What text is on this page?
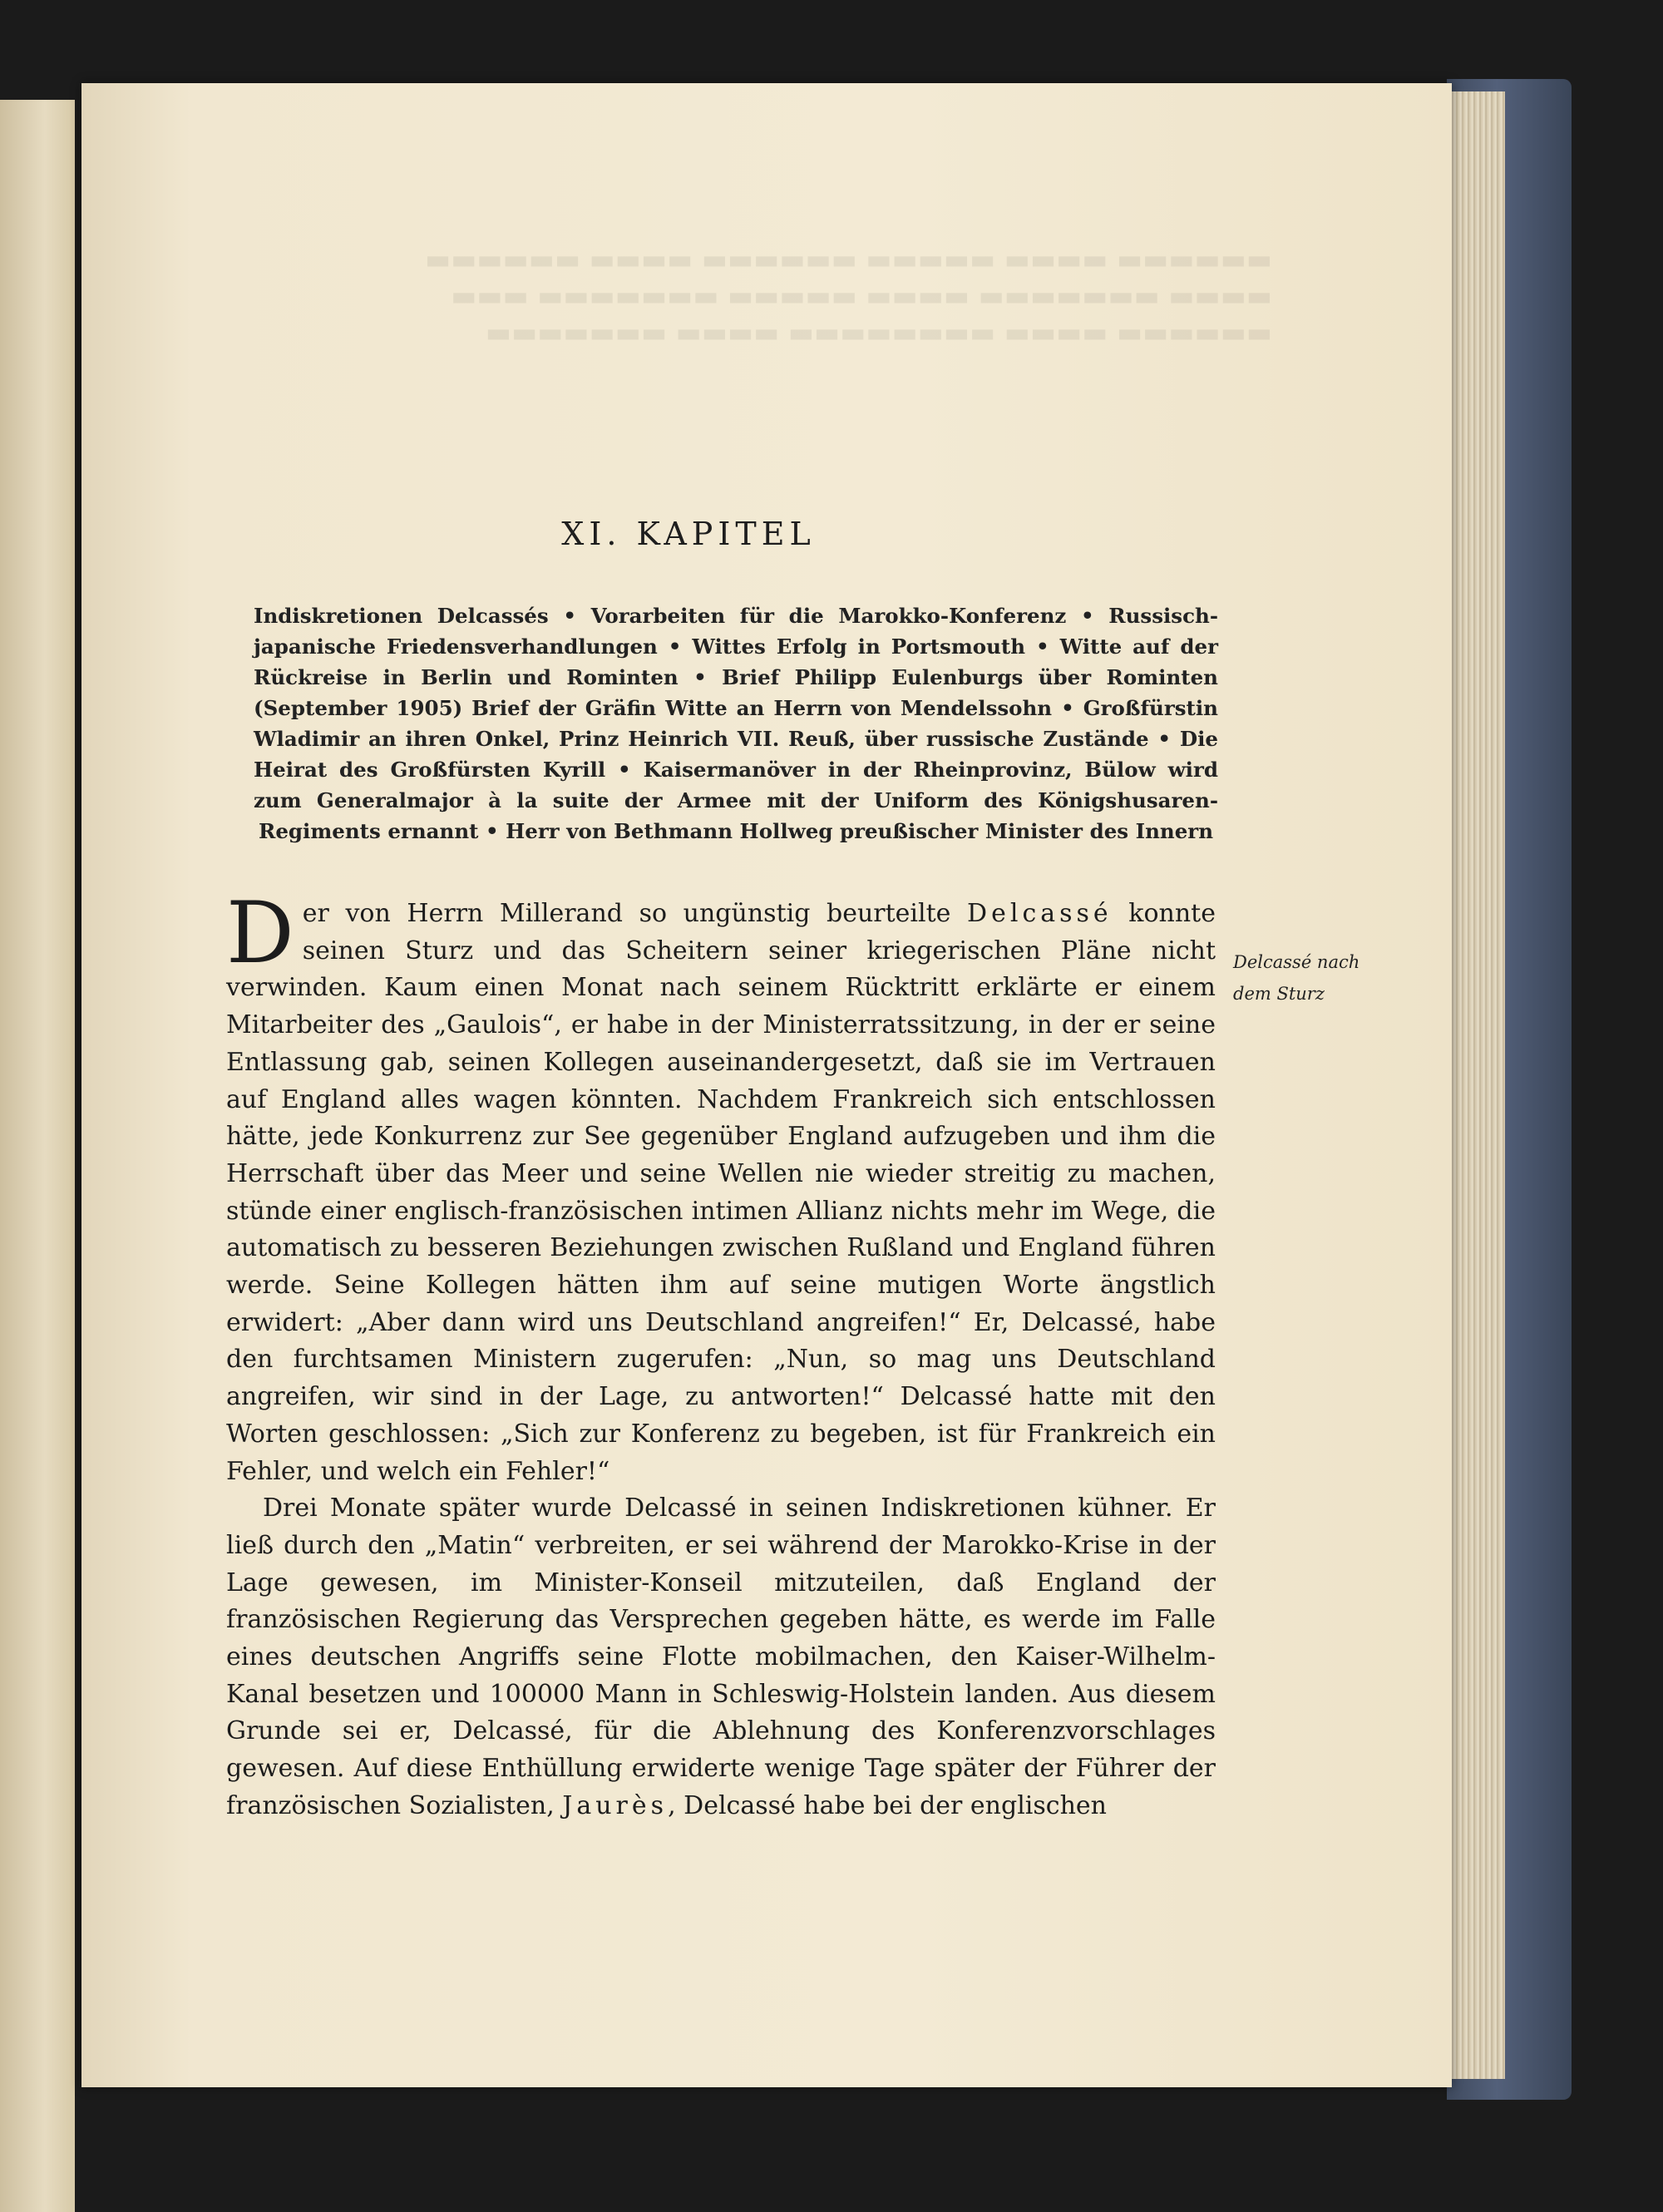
▬▬▬▬▬▬ ▬▬▬▬ ▬▬▬▬▬ ▬▬▬▬▬▬ ▬▬▬▬ ▬▬▬▬▬▬
▬▬▬▬ ▬▬▬▬▬▬▬ ▬▬▬▬ ▬▬▬▬▬ ▬▬▬▬▬▬▬ ▬▬▬
▬▬▬▬▬▬ ▬▬▬▬ ▬▬▬▬▬▬▬▬ ▬▬▬▬ ▬▬▬▬▬▬▬
XI. KAPITEL
Indiskretionen Delcassés • Vorarbeiten für die Marokko-Konferenz • Russisch-japanische Friedensverhandlungen • Wittes Erfolg in Portsmouth • Witte auf der Rückreise in Berlin und Rominten • Brief Philipp Eulenburgs über Rominten (September 1905) Brief der Gräfin Witte an Herrn von Mendelssohn • Großfürstin Wladimir an ihren Onkel, Prinz Heinrich VII. Reuß, über russische Zustände • Die Heirat des Großfürsten Kyrill • Kaisermanöver in der Rheinprovinz, Bülow wird zum Generalmajor à la suite der Armee mit der Uniform des Königshusaren-Regiments ernannt • Herr von Bethmann Hollweg preußischer Minister des Innern

Der von Herrn Millerand so ungünstig beurteilte Delcassé konnte seinen Sturz und das Scheitern seiner kriegerischen Pläne nicht verwinden. Kaum einen Monat nach seinem Rücktritt erklärte er einem Mitarbeiter des „Gaulois“, er habe in der Ministerratssitzung, in der er seine Entlassung gab, seinen Kollegen auseinandergesetzt, daß sie im Vertrauen auf England alles wagen könnten. Nachdem Frankreich sich entschlossen hätte, jede Konkurrenz zur See gegenüber England aufzugeben und ihm die Herrschaft über das Meer und seine Wellen nie wieder streitig zu machen, stünde einer englisch-französischen intimen Allianz nichts mehr im Wege, die automatisch zu besseren Beziehungen zwischen Rußland und England führen werde. Seine Kollegen hätten ihm auf seine mutigen Worte ängstlich erwidert: „Aber dann wird uns Deutschland angreifen!“ Er, Delcassé, habe den furchtsamen Ministern zugerufen: „Nun, so mag uns Deutschland angreifen, wir sind in der Lage, zu antworten!“ Delcassé hatte mit den Worten geschlossen: „Sich zur Konferenz zu begeben, ist für Frankreich ein Fehler, und welch ein Fehler!“

Drei Monate später wurde Delcassé in seinen Indiskretionen kühner. Er ließ durch den „Matin“ verbreiten, er sei während der Marokko-Krise in der Lage gewesen, im Minister-Konseil mitzuteilen, daß England der französischen Regierung das Versprechen gegeben hätte, es werde im Falle eines deutschen Angriffs seine Flotte mobilmachen, den Kaiser-Wilhelm-Kanal besetzen und 100000 Mann in Schleswig-Holstein landen. Aus diesem Grunde sei er, Delcassé, für die Ablehnung des Konferenzvorschlages gewesen. Auf diese Enthüllung erwiderte wenige Tage später der Führer der französischen Sozialisten, Jaurès, Delcassé habe bei der englischen

Delcassé nach dem Sturz
